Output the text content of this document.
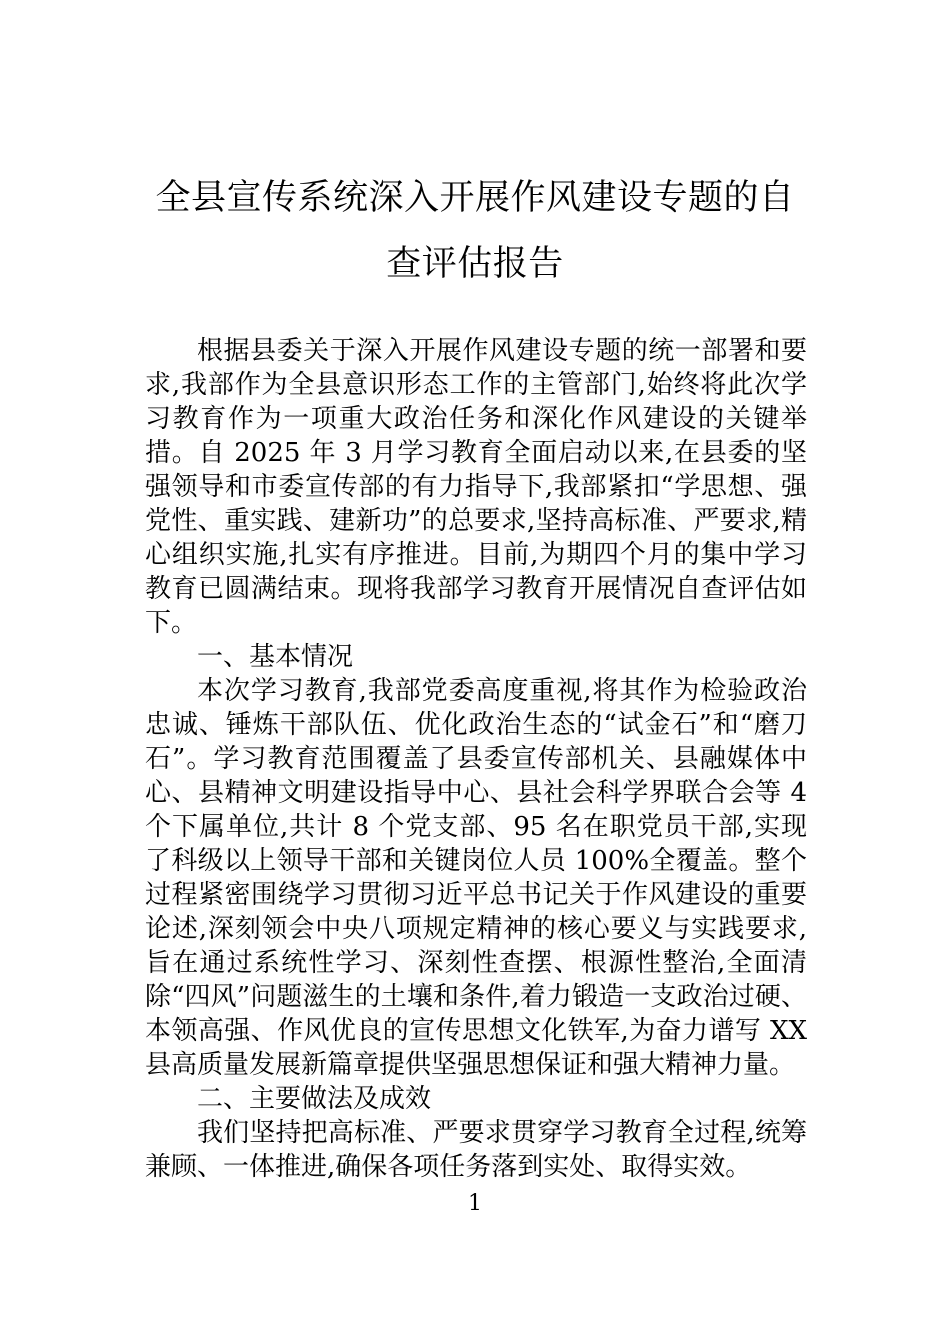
全县宣传系统深入开展作风建设专题的自查评估报告

根据县委关于深入开展作风建设专题的统一部署和要求,我部作为全县意识形态工作的主管部门,始终将此次学习教育作为一项重大政治任务和深化作风建设的关键举措。自 2025 年 3 月学习教育全面启动以来,在县委的坚强领导和市委宣传部的有力指导下,我部紧扣“学思想、强党性、重实践、建新功”的总要求,坚持高标准、严要求,精心组织实施,扎实有序推进。目前,为期四个月的集中学习教育已圆满结束。现将我部学习教育开展情况自查评估如下。

一、基本情况

本次学习教育,我部党委高度重视,将其作为检验政治忠诚、锤炼干部队伍、优化政治生态的“试金石”和“磨刀石”。学习教育范围覆盖了县委宣传部机关、县融媒体中心、县精神文明建设指导中心、县社会科学界联合会等 4 个下属单位,共计 8 个党支部、95 名在职党员干部,实现了科级以上领导干部和关键岗位人员 100%全覆盖。整个过程紧密围绕学习贯彻习近平总书记关于作风建设的重要论述,深刻领会中央八项规定精神的核心要义与实践要求,旨在通过系统性学习、深刻性查摆、根源性整治,全面清除“四风”问题滋生的土壤和条件,着力锻造一支政治过硬、本领高强、作风优良的宣传思想文化铁军,为奋力谱写 XX 县高质量发展新篇章提供坚强思想保证和强大精神力量。

二、主要做法及成效

我们坚持把高标准、严要求贯穿学习教育全过程,统筹兼顾、一体推进,确保各项任务落到实处、取得实效。

1
